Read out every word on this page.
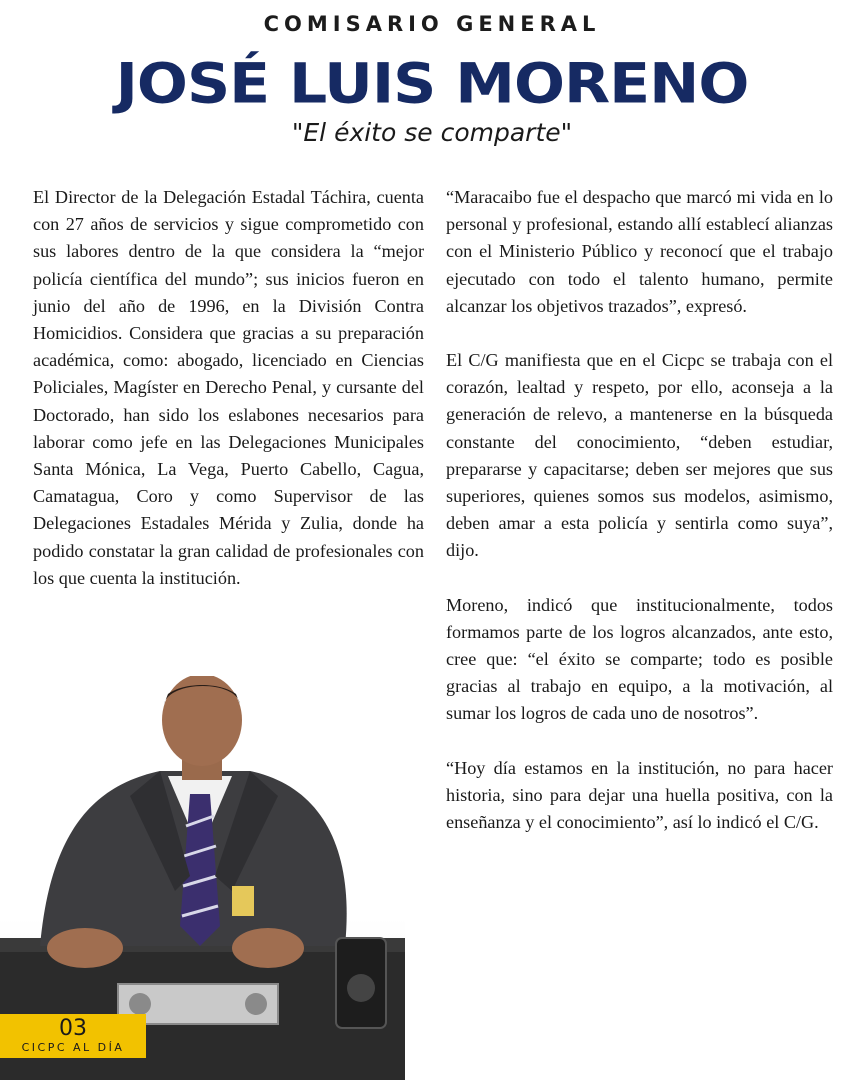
COMISARIO GENERAL
JOSÉ LUIS MORENO
"El éxito se comparte"

El Director de la Delegación Estadal Táchira, cuenta con 27 años de servicios y sigue comprometido con sus labores dentro de la que considera la “mejor policía científica del mundo”; sus inicios fueron en junio del año de 1996, en la División Contra Homicidios. Considera que gracias a su preparación académica, como: abogado, licenciado en Ciencias Policiales, Magíster en Derecho Penal, y cursante del Doctorado, han sido los eslabones necesarios para laborar como jefe en las Delegaciones Municipales Santa Mónica, La Vega, Puerto Cabello, Cagua, Camatagua, Coro y como Supervisor de las Delegaciones Estadales Mérida y Zulia, donde ha podido constatar la gran calidad de profesionales con los que cuenta la institución.

“Maracaibo fue el despacho que marcó mi vida en lo personal y profesional, estando allí establecí alianzas con el Ministerio Público y reconocí que el trabajo ejecutado con todo el talento humano, permite alcanzar los objetivos trazados”, expresó.

El C/G manifiesta que en el Cicpc se trabaja con el corazón, lealtad y respeto, por ello, aconseja a la generación de relevo, a mantenerse en la búsqueda constante del conocimiento, “deben estudiar, prepararse y capacitarse; deben ser mejores que sus superiores, quienes somos sus modelos, asimismo, deben amar a esta policía y sentirla como suya”, dijo.

Moreno, indicó que institucionalmente, todos formamos parte de los logros alcanzados, ante esto, cree que: “el éxito se comparte; todo es posible gracias al trabajo en equipo, a la motivación, al sumar los logros de cada uno de nosotros”.

“Hoy día estamos en la institución, no para hacer historia, sino para dejar una huella positiva, con la enseñanza y el conocimiento”, así lo indicó el C/G.

03
CICPC AL DÍA
